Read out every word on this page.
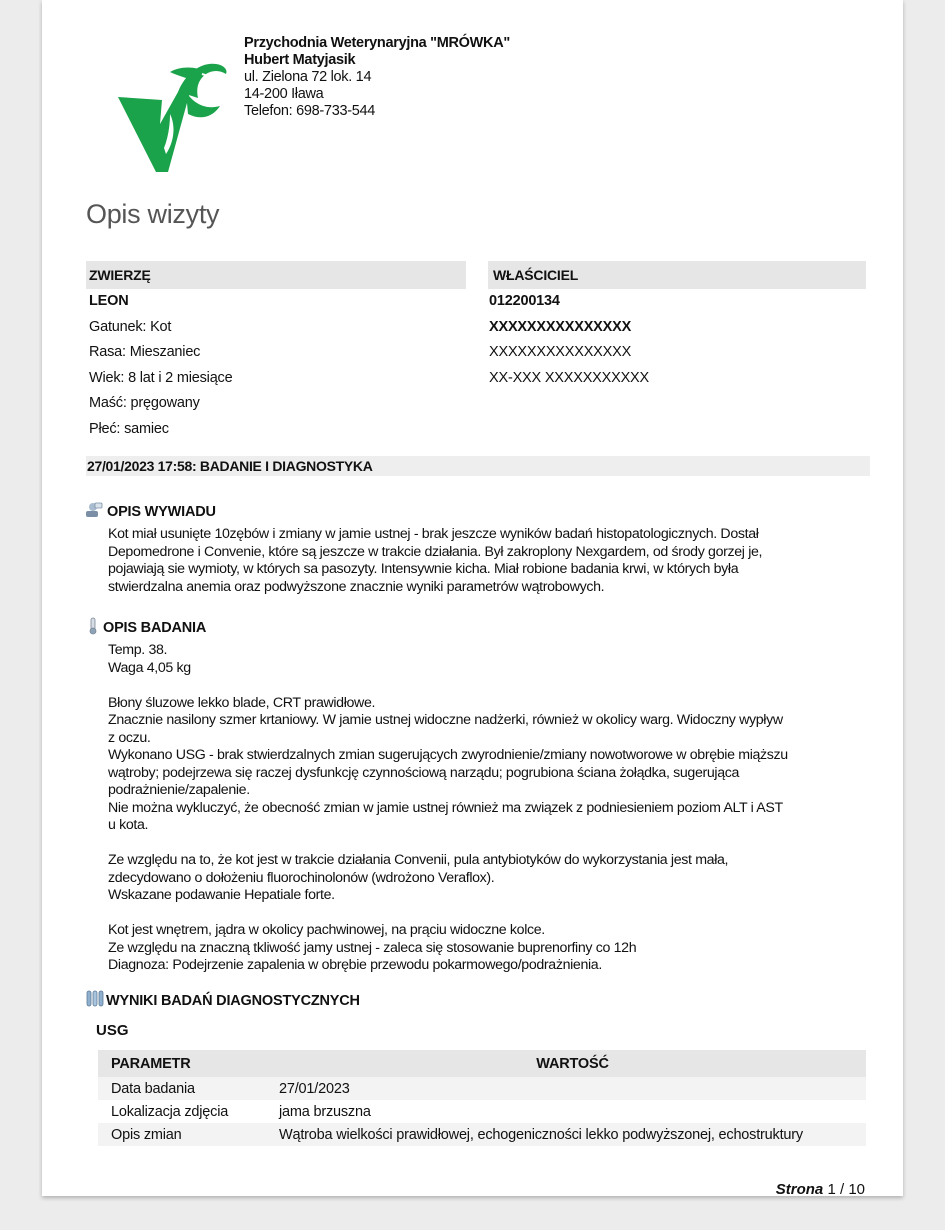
Przychodnia Weterynaryjna "MRÓWKA"
Hubert Matyjasik
ul. Zielona 72 lok. 14
14-200 Iława
Telefon: 698-733-544
Opis wizyty
ZWIERZĘ
LEON
Gatunek: Kot
Rasa: Mieszaniec
Wiek: 8 lat i 2 miesiące
Maść: pręgowany
Płeć: samiec
WŁAŚCICIEL
012200134
XXXXXXXXXXXXXXX
XXXXXXXXXXXXXXX
XX-XXX XXXXXXXXXXX
27/01/2023 17:58: BADANIE I DIAGNOSTYKA
OPIS WYWIADU
Kot miał usunięte 10zębów i zmiany w jamie ustnej - brak jeszcze wyników badań histopatologicznych. Dostał
Depomedrone i Convenie, które są jeszcze w trakcie działania. Był zakroplony Nexgardem, od środy gorzej je,
pojawiają sie wymioty, w których sa pasozyty. Intensywnie kicha. Miał robione badania krwi, w których była
stwierdzalna anemia oraz podwyższone znacznie wyniki parametrów wątrobowych.
OPIS BADANIA
Temp. 38.
Waga 4,05 kg

Błony śluzowe lekko blade, CRT prawidłowe.
Znacznie nasilony szmer krtaniowy. W jamie ustnej widoczne nadżerki, również w okolicy warg. Widoczny wypływ
z oczu.
Wykonano USG - brak stwierdzalnych zmian sugerujących zwyrodnienie/zmiany nowotworowe w obrębie miąższu
wątroby; podejrzewa się raczej dysfunkcję czynnościową narządu; pogrubiona ściana żołądka, sugerująca
podrażnienie/zapalenie.
Nie można wykluczyć, że obecność zmian w jamie ustnej również ma związek z podniesieniem poziom ALT i AST
u kota.

Ze względu na to, że kot jest w trakcie działania Convenii, pula antybiotyków do wykorzystania jest mała,
zdecydowano o dołożeniu fluorochinolonów (wdrożono Veraflox).
Wskazane podawanie Hepatiale forte.

Kot jest wnętrem, jądra w okolicy pachwinowej, na prąciu widoczne kolce.
Ze względu na znaczną tkliwość jamy ustnej - zaleca się stosowanie buprenorfiny co 12h
Diagnoza: Podejrzenie zapalenia w obrębie przewodu pokarmowego/podrażnienia.
WYNIKI BADAŃ DIAGNOSTYCZNYCH
USG
PARAMETR	WARTOŚĆ
Data badania	27/01/2023
Lokalizacja zdjęcia	jama brzuszna
Opis zmian	Wątroba wielkości prawidłowej, echogeniczności lekko podwyższonej, echostruktury
Strona 1 / 10
